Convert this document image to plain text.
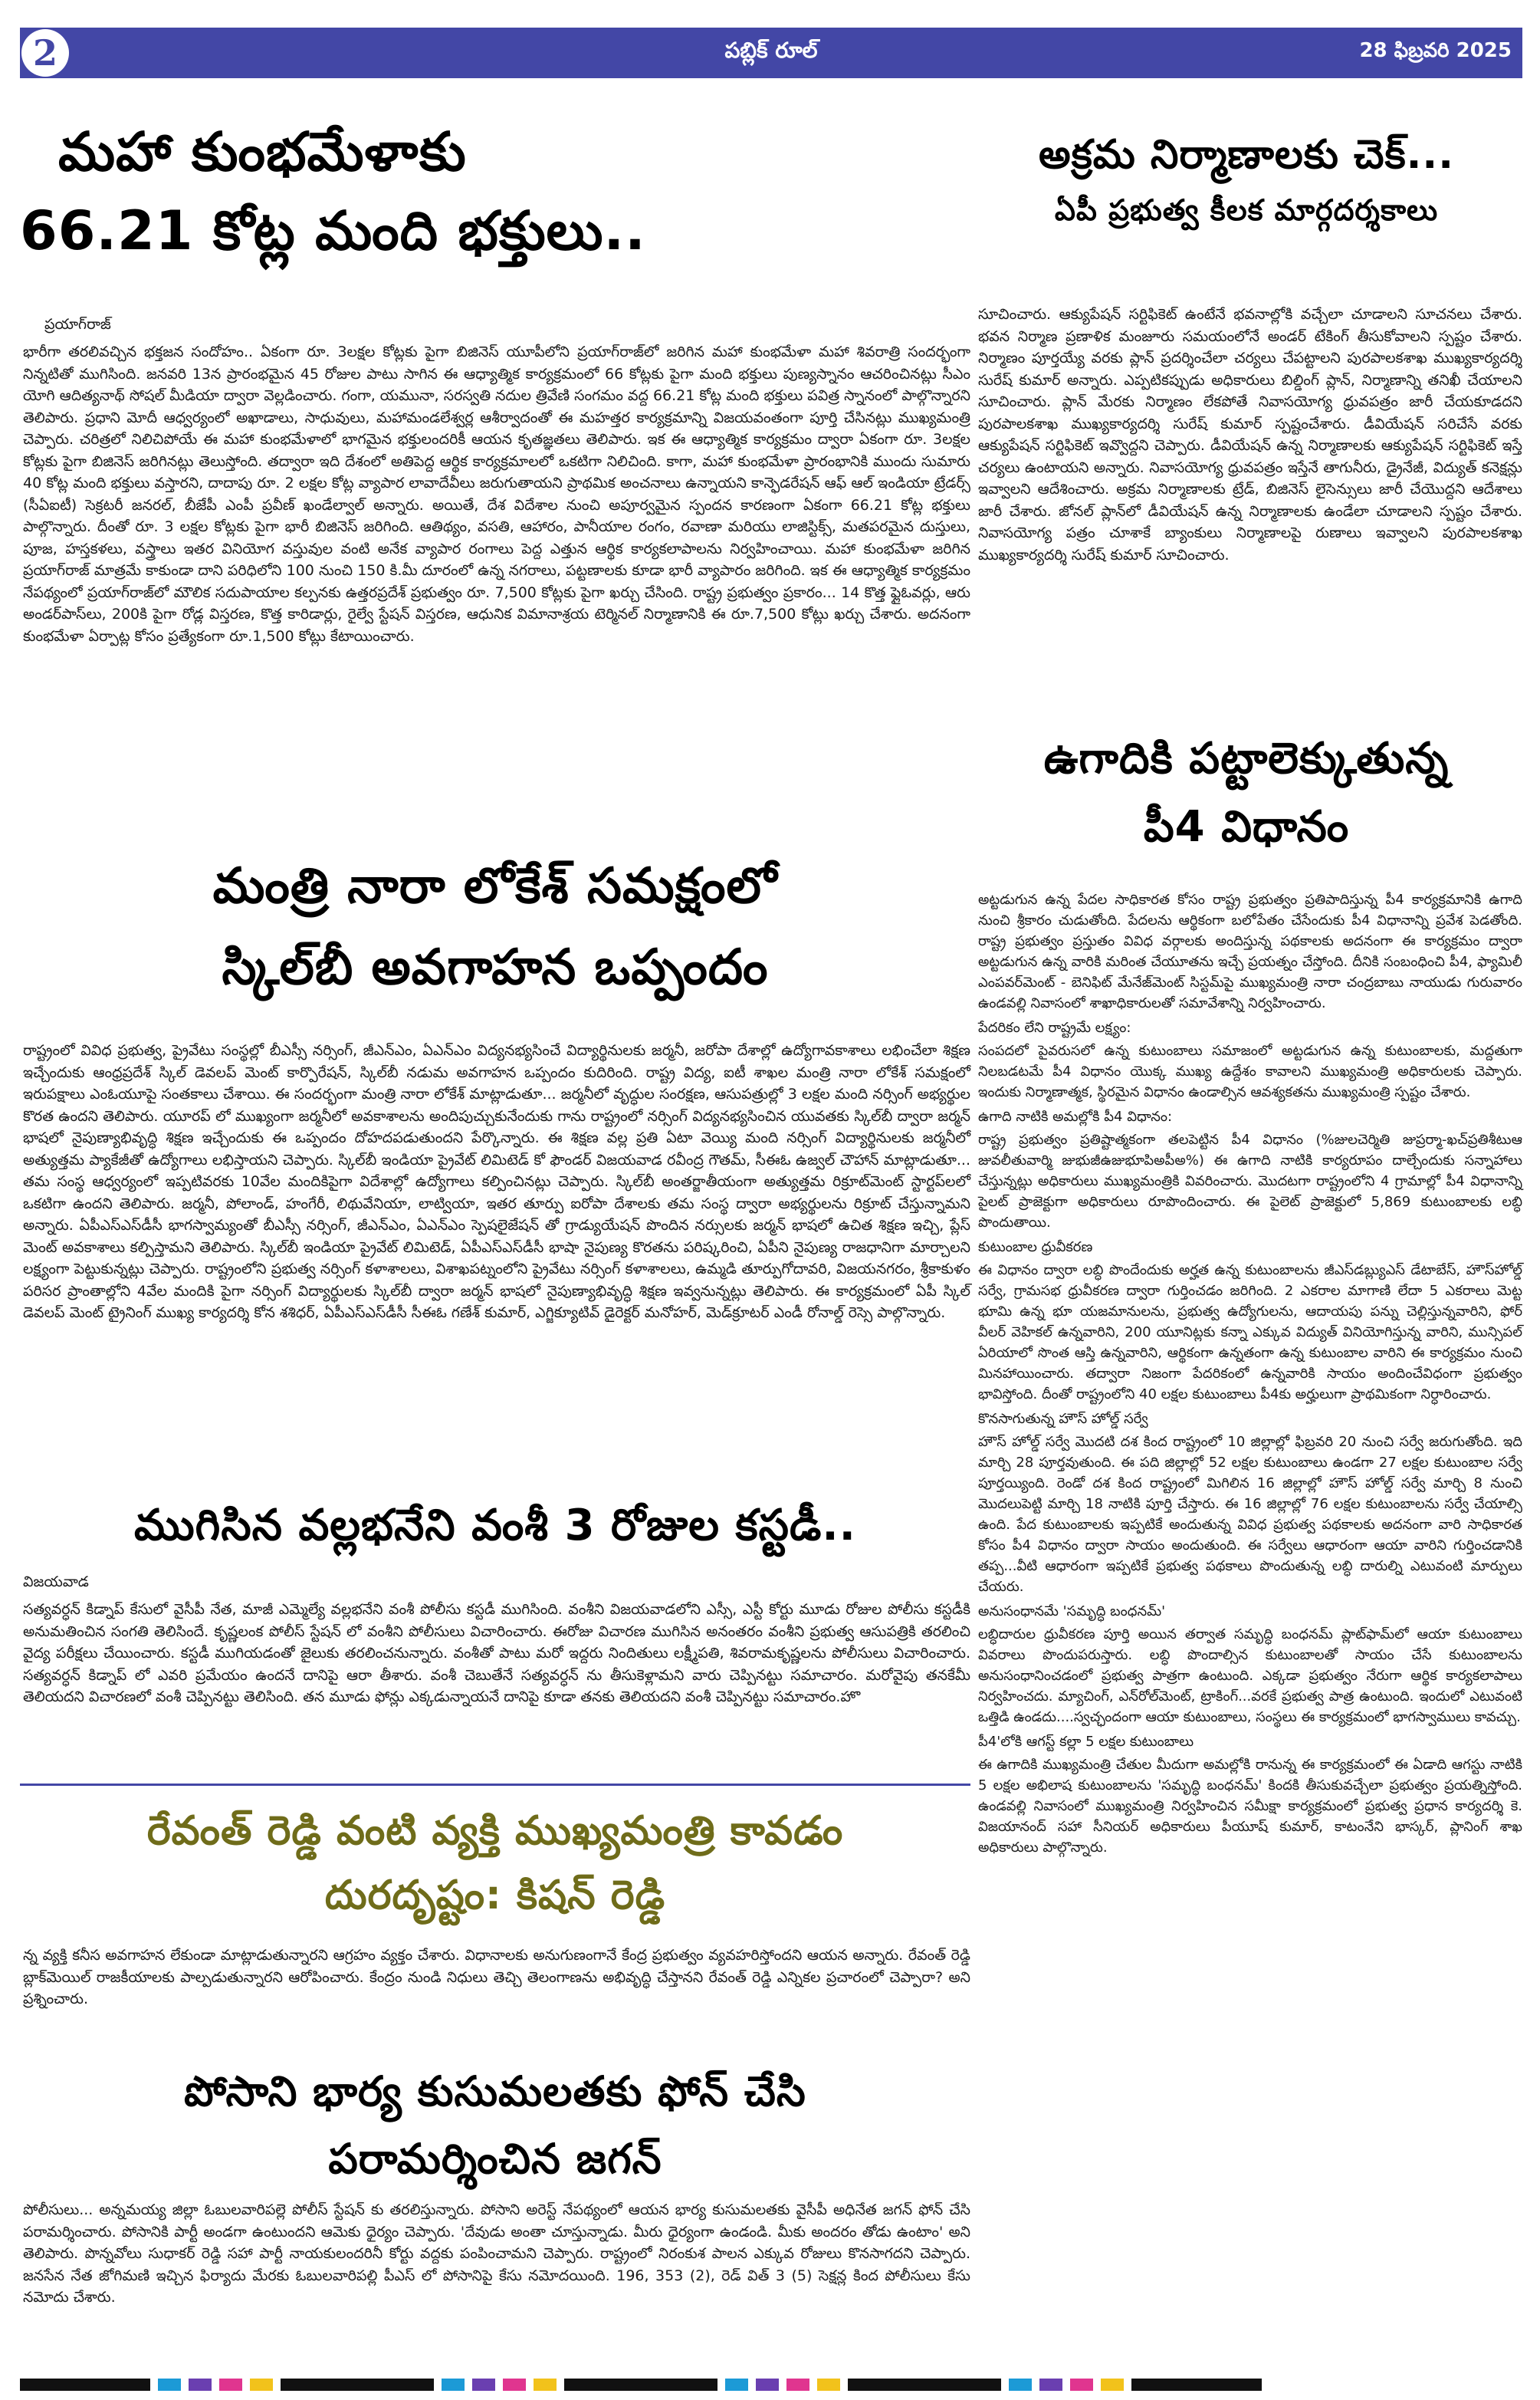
2	పబ్లిక్ రూల్	28 ఫిబ్రవరి 2025
మహా కుంభమేళాకు
66.21 కోట్ల మంది భక్తులు..

ప్రయాగ్‌రాజ్

భారీగా తరలివచ్చిన భక్తజన సందోహం.. ఏకంగా రూ. 3లక్షల కోట్లకు పైగా బిజినెస్ యూపీలోని ప్రయాగ్‌రాజ్‌లో జరిగిన మహా కుంభమేళా మహా శివరాత్రి సందర్భంగా నిన్నటితో ముగిసింది. జనవరి 13న ప్రారంభమైన 45 రోజుల పాటు సాగిన ఈ ఆధ్యాత్మిక కార్యక్రమంలో 66 కోట్లకు పైగా మంది భక్తులు పుణ్యస్నానం ఆచరించినట్లు సీఎం యోగి ఆదిత్యనాథ్ సోషల్ మీడియా ద్వారా వెల్లడించారు. గంగా, యమునా, సరస్వతి నదుల త్రివేణి సంగమం వద్ద 66.21 కోట్ల మంది భక్తులు పవిత్ర స్నానంలో పాల్గొన్నారని తెలిపారు. ప్రధాని మోదీ ఆధ్వర్యంలో అఖాడాలు, సాధువులు, మహామండలేశ్వర్ల ఆశీర్వాదంతో ఈ మహత్తర కార్యక్రమాన్ని విజయవంతంగా పూర్తి చేసినట్లు ముఖ్యమంత్రి చెప్పారు. చరిత్రలో నిలిచిపోయే ఈ మహా కుంభమేళాలో భాగమైన భక్తులందరికీ ఆయన కృతజ్ఞతలు తెలిపారు. ఇక ఈ ఆధ్యాత్మిక కార్యక్రమం ద్వారా ఏకంగా రూ. 3లక్షల కోట్లకు పైగా బిజినెస్ జరిగినట్లు తెలుస్తోంది. తద్వారా ఇది దేశంలో అతిపెద్ద ఆర్థిక కార్యక్రమాలలో ఒకటిగా నిలిచింది. కాగా, మహా కుంభమేళా ప్రారంభానికి ముందు సుమారు 40 కోట్ల మంది భక్తులు వస్తారని, దాదాపు రూ. 2 లక్షల కోట్ల వ్యాపార లావాదేవీలు జరుగుతాయని ప్రాథమిక అంచనాలు ఉన్నాయని కాన్ఫెడరేషన్ ఆఫ్ ఆల్ ఇండియా ట్రేడర్స్ (సీఏఐటీ) సెక్రటరీ జనరల్, బీజేపీ ఎంపీ ప్రవీణ్ ఖండేల్వాల్ అన్నారు. అయితే, దేశ విదేశాల నుంచి అపూర్వమైన స్పందన కారణంగా ఏకంగా 66.21 కోట్ల భక్తులు పాల్గొన్నారు. దీంతో రూ. 3 లక్షల కోట్లకు పైగా భారీ బిజినెస్ జరిగింది. ఆతిథ్యం, వసతి, ఆహారం, పానీయాల రంగం, రవాణా మరియు లాజిస్టిక్స్, మతపరమైన దుస్తులు, పూజ, హస్తకళలు, వస్త్రాలు ఇతర వినియోగ వస్తువుల వంటి అనేక వ్యాపార రంగాలు పెద్ద ఎత్తున ఆర్థిక కార్యకలాపాలను నిర్వహించాయి. మహా కుంభమేళా జరిగిన ప్రయాగ్‌రాజ్ మాత్రమే కాకుండా దాని పరిధిలోని 100 నుంచి 150 కి.మీ దూరంలో ఉన్న నగరాలు, పట్టణాలకు కూడా భారీ వ్యాపారం జరిగింది. ఇక ఈ ఆధ్యాత్మిక కార్యక్రమం నేపథ్యంలో ప్రయాగ్‌రాజ్‌లో మౌలిక సదుపాయాల కల్పనకు ఉత్తరప్రదేశ్ ప్రభుత్వం రూ. 7,500 కోట్లకు పైగా ఖర్చు చేసింది. రాష్ట్ర ప్రభుత్వం ప్రకారం... 14 కొత్త ఫ్లైఓవర్లు, ఆరు అండర్‌పాస్‌లు, 200కి పైగా రోడ్ల విస్తరణ, కొత్త కారిడార్లు, రైల్వే స్టేషన్ విస్తరణ, ఆధునిక విమానాశ్రయ టెర్మినల్ నిర్మాణానికి ఈ రూ.7,500 కోట్లు ఖర్చు చేశారు. అదనంగా కుంభమేళా ఏర్పాట్ల కోసం ప్రత్యేకంగా రూ.1,500 కోట్లు కేటాయించారు.

అక్రమ నిర్మాణాలకు చెక్...
ఏపీ ప్రభుత్వ కీలక మార్గదర్శకాలు

సూచించారు. ఆక్యుపేషన్ సర్టిఫికెట్ ఉంటేనే భవనాల్లోకి వచ్చేలా చూడాలని సూచనలు చేశారు. భవన నిర్మాణ ప్రణాళిక మంజూరు సమయంలోనే అండర్ టేకింగ్ తీసుకోవాలని స్పష్టం చేశారు. నిర్మాణం పూర్తయ్యే వరకు ప్లాన్ ప్రదర్శించేలా చర్యలు చేపట్టాలని పురపాలకశాఖ ముఖ్యకార్యదర్శి సురేష్ కుమార్ అన్నారు. ఎప్పటికప్పుడు అధికారులు బిల్డింగ్ ప్లాన్, నిర్మాణాన్ని తనిఖీ చేయాలని సూచించారు. ప్లాన్ మేరకు నిర్మాణం లేకపోతే నివాసయోగ్య ధ్రువపత్రం జారీ చేయకూడదని పురపాలకశాఖ ముఖ్యకార్యదర్శి సురేష్ కుమార్ స్పష్టంచేశారు. డీవియేషన్ సరిచేసే వరకు ఆక్యుపేషన్ సర్టిఫికెట్ ఇవ్వొద్దని చెప్పారు. డీవియేషన్ ఉన్న నిర్మాణాలకు ఆక్యుపేషన్ సర్టిఫికెట్ ఇస్తే చర్యలు ఉంటాయని అన్నారు. నివాసయోగ్య ధ్రువపత్రం ఇస్తేనే తాగునీరు, డ్రైనేజీ, విద్యుత్ కనెక్షన్లు ఇవ్వాలని ఆదేశించారు. అక్రమ నిర్మాణాలకు ట్రేడ్, బిజినెస్ లైసెన్సులు జారీ చేయొద్దని ఆదేశాలు జారీ చేశారు. జోనల్ ప్లాన్‌లో డీవియేషన్ ఉన్న నిర్మాణాలకు ఉండేలా చూడాలని స్పష్టం చేశారు. నివాసయోగ్య పత్రం చూశాకే బ్యాంకులు నిర్మాణాలపై రుణాలు ఇవ్వాలని పురపాలకశాఖ ముఖ్యకార్యదర్శి సురేష్ కుమార్ సూచించారు.

మంత్రి నారా లోకేశ్ సమక్షంలో
స్కిల్‌బీ అవగాహన ఒప్పందం

రాష్ట్రంలో వివిధ ప్రభుత్వ, ప్రైవేటు సంస్థల్లో బీఎస్సీ నర్సింగ్, జీఎన్ఎం, ఏఎన్ఎం విద్యనభ్యసించే విద్యార్థినులకు జర్మనీ, జరోపా దేశాల్లో ఉద్యోగావకాశాలు లభించేలా శిక్షణ ఇచ్చేందుకు ఆంధ్రప్రదేశ్ స్కిల్ డెవలప్ మెంట్ కార్పొరేషన్, స్కిల్‌బీ నడుమ అవగాహన ఒప్పందం కుదిరింది. రాష్ట్ర విద్య, ఐటీ శాఖల మంత్రి నారా లోకేశ్ సమక్షంలో ఇరుపక్షాలు ఎంఓయూపై సంతకాలు చేశాయి. ఈ సందర్భంగా మంత్రి నారా లోకేశ్ మాట్లాడుతూ... జర్మనీలో వృద్ధుల సంరక్షణ, ఆసుపత్రుల్లో 3 లక్షల మంది నర్సింగ్ అభ్యర్థుల కొరత ఉందని తెలిపారు. యూరప్ లో ముఖ్యంగా జర్మనీలో అవకాశాలను అందిపుచ్చుకునేందుకు గాను రాష్ట్రంలో నర్సింగ్ విద్యనభ్యసించిన యువతకు స్కిల్‌బీ ద్వారా జర్మన్ భాషలో నైపుణ్యాభివృద్ధి శిక్షణ ఇచ్చేందుకు ఈ ఒప్పందం దోహదపడుతుందని పేర్కొన్నారు. ఈ శిక్షణ వల్ల ప్రతి ఏటా వెయ్యి మంది నర్సింగ్ విద్యార్థినులకు జర్మనీలో అత్యుత్తమ ప్యాకేజీతో ఉద్యోగాలు లభిస్తాయని చెప్పారు. స్కిల్‌బీ ఇండియా ప్రైవేట్ లిమిటెడ్ కో ఫౌండర్ విజయవాడ రవీంద్ర గౌతమ్, సీఈఓ ఉజ్వల్ చౌహాన్ మాట్లాడుతూ... తమ సంస్థ ఆధ్వర్యంలో ఇప్పటివరకు 10వేల మందికిపైగా విదేశాల్లో ఉద్యోగాలు కల్పించినట్లు చెప్పారు. స్కిల్‌బీ అంతర్జాతీయంగా అత్యుత్తమ రిక్రూట్‌మెంట్ స్టార్టప్‌లలో ఒకటిగా ఉందని తెలిపారు. జర్మనీ, పోలాండ్, హంగేరీ, లిథువేనియా, లాట్వియా, ఇతర తూర్పు ఐరోపా దేశాలకు తమ సంస్థ ద్వారా అభ్యర్థులను రిక్రూట్ చేస్తున్నామని అన్నారు. ఏపీఎస్ఎస్‌డీసీ భాగస్వామ్యంతో బీఎస్సీ నర్సింగ్, జీఎన్ఎం, ఏఎన్ఎం స్పెషలైజేషన్ తో గ్రాడ్యుయేషన్ పొందిన నర్సులకు జర్మన్ భాషలో ఉచిత శిక్షణ ఇచ్చి, ప్లేస్ మెంట్ అవకాశాలు కల్పిస్తామని తెలిపారు. స్కిల్‌బీ ఇండియా ప్రైవేట్ లిమిటెడ్, ఏపీఎస్ఎస్‌డీసీ భాషా నైపుణ్య కొరతను పరిష్కరించి, ఏపీని నైపుణ్య రాజధానిగా మార్చాలని లక్ష్యంగా పెట్టుకున్నట్లు చెప్పారు. రాష్ట్రంలోని ప్రభుత్వ నర్సింగ్ కళాశాలలు, విశాఖపట్నంలోని ప్రైవేటు నర్సింగ్ కళాశాలలు, ఉమ్మడి తూర్పుగోదావరి, విజయనగరం, శ్రీకాకుళం పరిసర ప్రాంతాల్లోని 4వేల మందికి పైగా నర్సింగ్ విద్యార్థులకు స్కిల్‌బీ ద్వారా జర్మన్ భాషలో నైపుణ్యాభివృద్ధి శిక్షణ ఇవ్వనున్నట్లు తెలిపారు. ఈ కార్యక్రమంలో ఏపీ స్కిల్ డెవలప్ మెంట్ ట్రైనింగ్ ముఖ్య కార్యదర్శి కోన శశిధర్, ఏపీఎస్ఎస్‌డీసీ సీఈఓ గణేశ్ కుమార్, ఎగ్జిక్యూటివ్ డైరెక్టర్ మనోహర్, మెడ్‌క్రూటర్ ఎండీ రోనాల్డ్ రెస్సె పాల్గొన్నారు.

ఉగాదికి పట్టాలెక్కుతున్న
పీ4 విధానం

అట్టడుగున ఉన్న పేదల సాధికారత కోసం రాష్ట్ర ప్రభుత్వం ప్రతిపాదిస్తున్న పీ4 కార్యక్రమానికి ఉగాది నుంచి శ్రీకారం చుడుతోంది. పేదలను ఆర్థికంగా బలోపేతం చేసేందుకు పీ4 విధానాన్ని ప్రవేశ పెడతోంది. రాష్ట్ర ప్రభుత్వం ప్రస్తుతం వివిధ వర్గాలకు అందిస్తున్న పథకాలకు అదనంగా ఈ కార్యక్రమం ద్వారా అట్టడుగున ఉన్న వారికి మరింత చేయూతను ఇచ్చే ప్రయత్నం చేస్తోంది. దీనికి సంబంధించి పీ4, ఫ్యామిలీ ఎంపవర్‌మెంట్ - బెనిఫిట్ మేనేజ్‌మెంట్ సిస్టమ్‌పై ముఖ్యమంత్రి నారా చంద్రబాబు నాయుడు గురువారం ఉండవల్లి నివాసంలో శాఖాధికారులతో సమావేశాన్ని నిర్వహించారు.

పేదరికం లేని రాష్ట్రమే లక్ష్యం:

సంపదలో పైవరుసలో ఉన్న కుటుంబాలు సమాజంలో అట్టడుగున ఉన్న కుటుంబాలకు, మద్దతుగా నిలబడటమే పీ4 విధానం యొక్క ముఖ్య ఉద్దేశం కావాలని ముఖ్యమంత్రి అధికారులకు చెప్పారు. ఇందుకు నిర్మాణాత్మక, స్థిరమైన విధానం ఉండాల్సిన ఆవశ్యకతను ముఖ్యమంత్రి స్పష్టం చేశారు.

ఉగాది నాటికి అమల్లోకి పీ4 విధానం:

రాష్ట్ర ప్రభుత్వం ప్రతిష్టాత్మకంగా తలపెట్టిన పీ4 విధానం (%జులచెర్మితి జుప్రర్మా-ఖచ్‌ప్రతిశీటుఆ జువలీతువార్మి జుభుజీఉజుభూపిఅపీఅ%) ఈ ఉగాది నాటికి కార్యరూపం దాల్చేందుకు సన్నాహాలు చేస్తున్నట్లు అధికారులు ముఖ్యమంత్రికి వివరించారు. మొదటగా రాష్ట్రంలోని 4 గ్రామాల్లో పీ4 విధానాన్ని పైలట్ ప్రాజెక్టుగా అధికారులు రూపొందించారు. ఈ పైలెట్ ప్రాజెక్టులో 5,869 కుటుంబాలకు లబ్ధి పొందుతాయి.

కుటుంబాల ధ్రువీకరణ

ఈ విధానం ద్వారా లబ్ధి పొందేందుకు అర్హత ఉన్న కుటుంబాలను జీఎస్‌డబ్ల్యుఎస్ డేటాబేస్, హౌస్‌హోల్డ్ సర్వే, గ్రామసభ ధ్రువీకరణ ద్వారా గుర్తించడం జరిగింది. 2 ఎకరాల మాగాణి లేదా 5 ఎకరాలు మెట్ట భూమి ఉన్న భూ యజమానులను, ప్రభుత్వ ఉద్యోగులను, ఆదాయపు పన్ను చెల్లిస్తున్నవారిని, ఫోర్ వీలర్ వెహికల్ ఉన్నవారిని, 200 యూనిట్లకు కన్నా ఎక్కువ విద్యుత్ వినియోగిస్తున్న వారిని, మున్సిపల్ ఏరియాలో సొంత ఆస్తి ఉన్నవారిని, ఆర్థికంగా ఉన్నతంగా ఉన్న కుటుంబాల వారిని ఈ కార్యక్రమం నుంచి మినహాయించారు. తద్వారా నిజంగా పేదరికంలో ఉన్నవారికి సాయం అందించేవిధంగా ప్రభుత్వం భావిస్తోంది. దీంతో రాష్ట్రంలోని 40 లక్షల కుటుంబాలు పీ4కు అర్హులుగా ప్రాథమికంగా నిర్ధారించారు.

కొనసాగుతున్న హౌస్ హోల్డ్ సర్వే

హౌస్ హోల్డ్ సర్వే మొదటి దశ కింద రాష్ట్రంలో 10 జిల్లాల్లో ఫిబ్రవరి 20 నుంచి సర్వే జరుగుతోంది. ఇది మార్చి 28 పూర్తవుతుంది. ఈ పది జిల్లాల్లో 52 లక్షల కుటుంబాలు ఉండగా 27 లక్షల కుటుంబాల సర్వే పూర్తయ్యింది. రెండో దశ కింద రాష్ట్రంలో మిగిలిన 16 జిల్లాల్లో హౌస్ హోల్డ్ సర్వే మార్చి 8 నుంచి మొదలుపెట్టి మార్చి 18 నాటికి పూర్తి చేస్తారు. ఈ 16 జిల్లాల్లో 76 లక్షల కుటుంబాలను సర్వే చేయాల్సి ఉంది. పేద కుటుంబాలకు ఇప్పటికే అందుతున్న వివిధ ప్రభుత్వ పథకాలకు అదనంగా వారి సాధికారత కోసం పీ4 విధానం ద్వారా సాయం అందుతుంది. ఈ సర్వేలు ఆధారంగా ఆయా వారిని గుర్తించడానికి తప్ప...వీటి ఆధారంగా ఇప్పటికే ప్రభుత్వ పథకాలు పొందుతున్న లబ్ధి దారుల్ని ఎటువంటి మార్పులు చేయరు.

అనుసంధానమే 'సమృద్ధి బంధనమ్'

లబ్ధిదారుల ధ్రువీకరణ పూర్తి అయిన తర్వాత సమృద్ధి బంధనమ్ ప్లాట్‌ఫామ్‌లో ఆయా కుటుంబాలు వివరాలు పొందుపరుస్తారు. లబ్ధి పొందాల్సిన కుటుంబాలతో సాయం చేసే కుటుంబాలను అనుసంధానించడంలో ప్రభుత్వ పాత్రగా ఉంటుంది. ఎక్కడా ప్రభుత్వం నేరుగా ఆర్థిక కార్యకలాపాలు నిర్వహించదు. మ్యాచింగ్, ఎన్‌రోల్‌మెంట్, ట్రాకింగ్...వరకే ప్రభుత్వ పాత్ర ఉంటుంది. ఇందులో ఎటువంటి ఒత్తిడి ఉండదు....స్వచ్ఛందంగా ఆయా కుటుంబాలు, సంస్థలు ఈ కార్యక్రమంలో భాగస్వాములు కావచ్చు.

పీ4'లోకి ఆగస్ట్ కల్లా 5 లక్షల కుటుంబాలు

ఈ ఉగాదికి ముఖ్యమంత్రి చేతుల మీదుగా అమల్లోకి రానున్న ఈ కార్యక్రమంలో ఈ ఏడాది ఆగస్టు నాటికి 5 లక్షల అభిలాష కుటుంబాలను 'సమృద్ధి బంధనమ్' కిందకి తీసుకువచ్చేలా ప్రభుత్వం ప్రయత్నిస్తోంది. ఉండవల్లి నివాసంలో ముఖ్యమంత్రి నిర్వహించిన సమీక్షా కార్యక్రమంలో ప్రభుత్వ ప్రధాన కార్యదర్శి కె. విజయానంద్ సహా సీనియర్ అధికారులు పీయూష్ కుమార్, కాటంనేని భాస్కర్, ప్లానింగ్ శాఖ అధికారులు పాల్గొన్నారు.

ముగిసిన వల్లభనేని వంశీ 3 రోజుల కస్టడీ..

విజయవాడ

సత్యవర్ధన్ కిడ్నాప్ కేసులో వైసీపీ నేత, మాజీ ఎమ్మెల్యే వల్లభనేని వంశీ పోలీసు కస్టడీ ముగిసింది. వంశీని విజయవాడలోని ఎస్సీ, ఎస్టీ కోర్టు మూడు రోజుల పోలీసు కస్టడీకి అనుమతించిన సంగతి తెలిసిందే. కృష్ణలంక పోలీస్ స్టేషన్ లో వంశీని పోలీసులు విచారించారు. ఈరోజు విచారణ ముగిసిన అనంతరం వంశీని ప్రభుత్వ ఆసుపత్రికి తరలించి వైద్య పరీక్షలు చేయించారు. కస్టడీ ముగియడంతో జైలుకు తరలించనున్నారు. వంశీతో పాటు మరో ఇద్దరు నిందితులు లక్ష్మీపతి, శివరామకృష్ణలను పోలీసులు విచారించారు. సత్యవర్ధన్ కిడ్నాప్ లో ఎవరి ప్రమేయం ఉందనే దానిపై ఆరా తీశారు. వంశీ చెబుతేనే సత్యవర్ధన్ ను తీసుకెళ్లామని వారు చెప్పినట్టు సమాచారం. మరోవైపు తనకేమీ తెలియదని విచారణలో వంశీ చెప్పినట్టు తెలిసింది. తన మూడు ఫోన్లు ఎక్కడున్నాయనే దానిపై కూడా తనకు తెలియదని వంశీ చెప్పినట్టు సమాచారం.హొ

రేవంత్ రెడ్డి వంటి వ్యక్తి ముఖ్యమంత్రి కావడం
దురదృష్టం: కిషన్ రెడ్డి

న్న వ్యక్తి కనీస అవగాహన లేకుండా మాట్లాడుతున్నారని ఆగ్రహం వ్యక్తం చేశారు. విధానాలకు అనుగుణంగానే కేంద్ర ప్రభుత్వం వ్యవహరిస్తోందని ఆయన అన్నారు. రేవంత్ రెడ్డి బ్లాక్‌మెయిల్ రాజకీయాలకు పాల్పడుతున్నారని ఆరోపించారు. కేంద్రం నుండి నిధులు తెచ్చి తెలంగాణను అభివృద్ధి చేస్తానని రేవంత్ రెడ్డి ఎన్నికల ప్రచారంలో చెప్పారా? అని ప్రశ్నించారు.

పోసాని భార్య కుసుమలతకు ఫోన్ చేసి
పరామర్శించిన జగన్

పోలీసులు... అన్నమయ్య జిల్లా ఓబులవారిపల్లె పోలీస్ స్టేషన్ కు తరలిస్తున్నారు. పోసాని అరెస్ట్ నేపథ్యంలో ఆయన భార్య కుసుమలతకు వైసీపీ అధినేత జగన్ ఫోన్ చేసి పరామర్శించారు. పోసానికి పార్టీ అండగా ఉంటుందని ఆమెకు ధైర్యం చెప్పారు. 'దేవుడు అంతా చూస్తున్నాడు. మీరు ధైర్యంగా ఉండండి. మీకు అందరం తోడు ఉంటాం' అని తెలిపారు. పొన్నవోలు సుధాకర్ రెడ్డి సహా పార్టీ నాయకులందరినీ కోర్టు వద్దకు పంపించామని చెప్పారు. రాష్ట్రంలో నిరంకుశ పాలన ఎక్కువ రోజులు కొనసాగదని చెప్పారు. జనసేన నేత జోగిమణి ఇచ్చిన ఫిర్యాదు మేరకు ఓబులవారిపల్లి పీఎస్ లో పోసానిపై కేసు నమోదయింది. 196, 353 (2), రెడ్ విత్ 3 (5) సెక్షన్ల కింద పోలీసులు కేసు నమోదు చేశారు.
